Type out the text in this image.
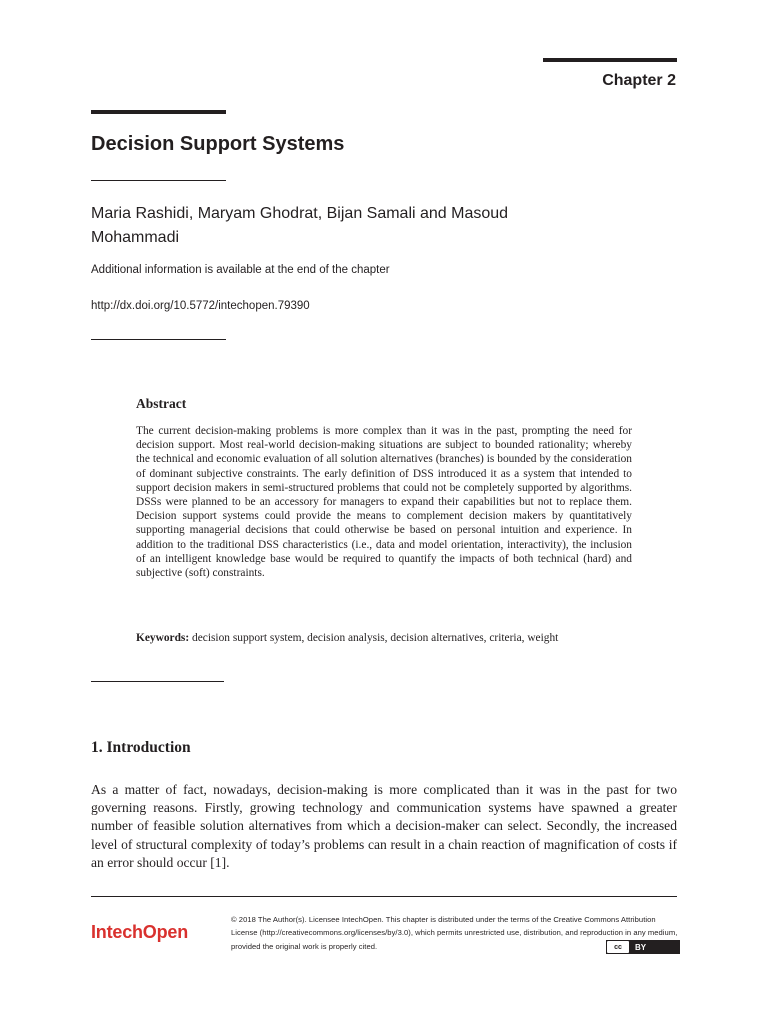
Chapter 2
Decision Support Systems
Maria Rashidi, Maryam Ghodrat, Bijan Samali and Masoud Mohammadi
Additional information is available at the end of the chapter
http://dx.doi.org/10.5772/intechopen.79390
Abstract
The current decision-making problems is more complex than it was in the past, prompting the need for decision support. Most real-world decision-making situations are subject to bounded rationality; whereby the technical and economic evaluation of all solution alternatives (branches) is bounded by the consideration of dominant subjective constraints. The early definition of DSS introduced it as a system that intended to support decision makers in semi-structured problems that could not be completely supported by algorithms. DSSs were planned to be an accessory for managers to expand their capabilities but not to replace them. Decision support systems could provide the means to complement decision makers by quantitatively supporting managerial decisions that could otherwise be based on personal intuition and experience. In addition to the traditional DSS characteristics (i.e., data and model orientation, interactivity), the inclusion of an intelligent knowledge base would be required to quantify the impacts of both technical (hard) and subjective (soft) constraints.
Keywords: decision support system, decision analysis, decision alternatives, criteria, weight
1. Introduction
As a matter of fact, nowadays, decision-making is more complicated than it was in the past for two governing reasons. Firstly, growing technology and communication systems have spawned a greater number of feasible solution alternatives from which a decision-maker can select. Secondly, the increased level of structural complexity of today’s problems can result in a chain reaction of magnification of costs if an error should occur [1].
IntechOpen
© 2018 The Author(s). Licensee IntechOpen. This chapter is distributed under the terms of the Creative Commons Attribution License (http://creativecommons.org/licenses/by/3.0), which permits unrestricted use, distribution, and reproduction in any medium, provided the original work is properly cited.	cc	BY
